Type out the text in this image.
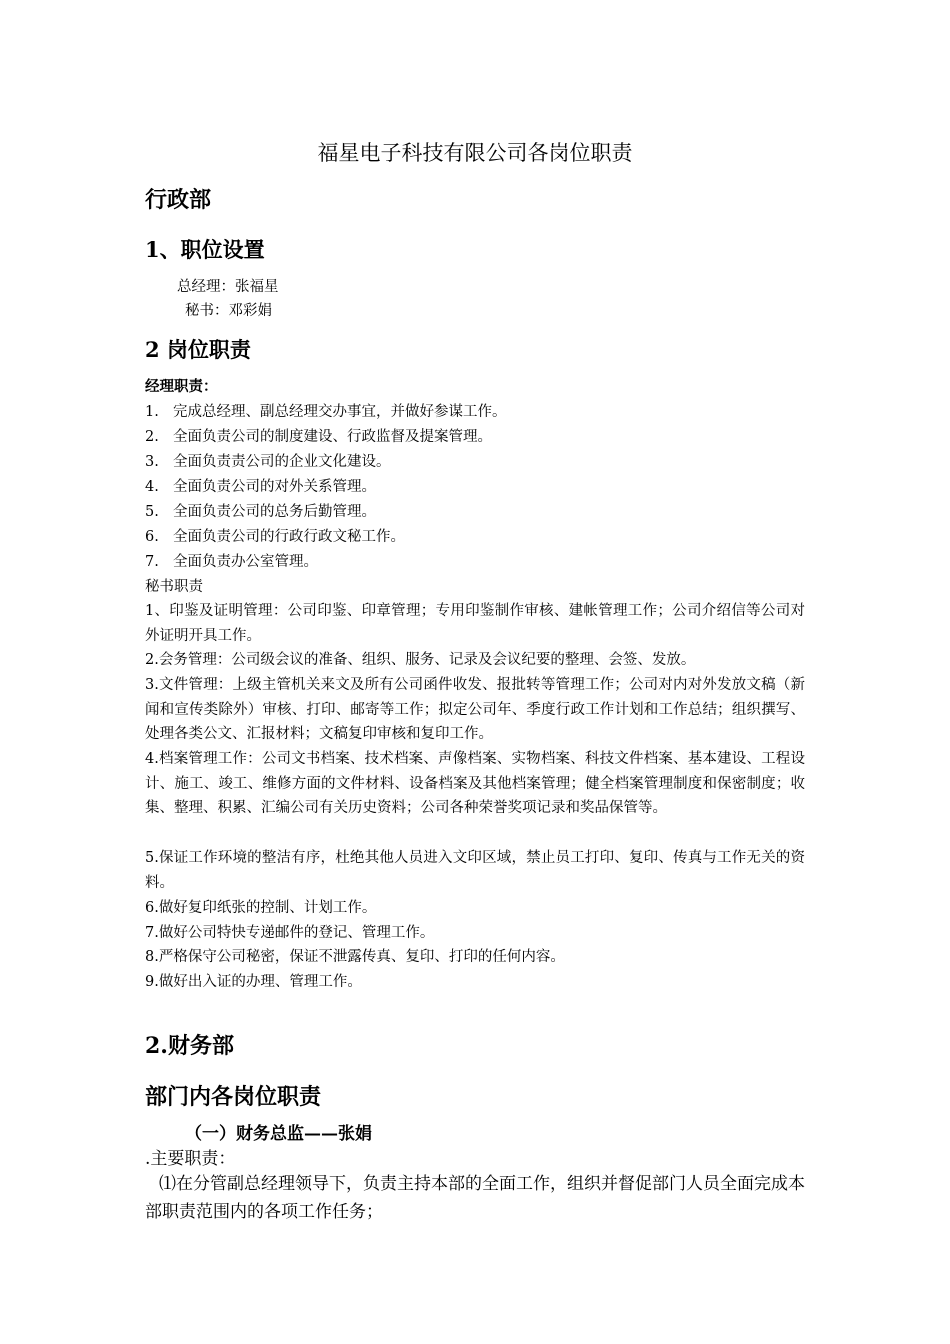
福星电子科技有限公司各岗位职责
行政部
1、职位设置
总经理：张福星
秘书：邓彩娟
2 岗位职责
经理职责：
1. 完成总经理、副总经理交办事宜，并做好参谋工作。
2. 全面负责公司的制度建设、行政监督及提案管理。
3. 全面负责责公司的企业文化建设。
4. 全面负责公司的对外关系管理。
5. 全面负责公司的总务后勤管理。
6. 全面负责公司的行政行政文秘工作。
7. 全面负责办公室管理。
秘书职责
1、印鉴及证明管理：公司印鉴、印章管理；专用印鉴制作审核、建帐管理工作；公司介绍信等公司对外证明开具工作。
2.会务管理：公司级会议的准备、组织、服务、记录及会议纪要的整理、会签、发放。
3.文件管理：上级主管机关来文及所有公司函件收发、报批转等管理工作；公司对内对外发放文稿（新闻和宣传类除外）审核、打印、邮寄等工作；拟定公司年、季度行政工作计划和工作总结；组织撰写、处理各类公文、汇报材料；文稿复印审核和复印工作。
4.档案管理工作：公司文书档案、技术档案、声像档案、实物档案、科技文件档案、基本建设、工程设计、施工、竣工、维修方面的文件材料、设备档案及其他档案管理；健全档案管理制度和保密制度；收集、整理、积累、汇编公司有关历史资料；公司各种荣誉奖项记录和奖品保管等。
5.保证工作环境的整洁有序，杜绝其他人员进入文印区域，禁止员工打印、复印、传真与工作无关的资料。
6.做好复印纸张的控制、计划工作。
7.做好公司特快专递邮件的登记、管理工作。
8.严格保守公司秘密，保证不泄露传真、复印、打印的任何内容。
9.做好出入证的办理、管理工作。
2.财务部
部门内各岗位职责
（一）财务总监——张娟
.主要职责：
⑴在分管副总经理领导下，负责主持本部的全面工作，组织并督促部门人员全面完成本部职责范围内的各项工作任务；
